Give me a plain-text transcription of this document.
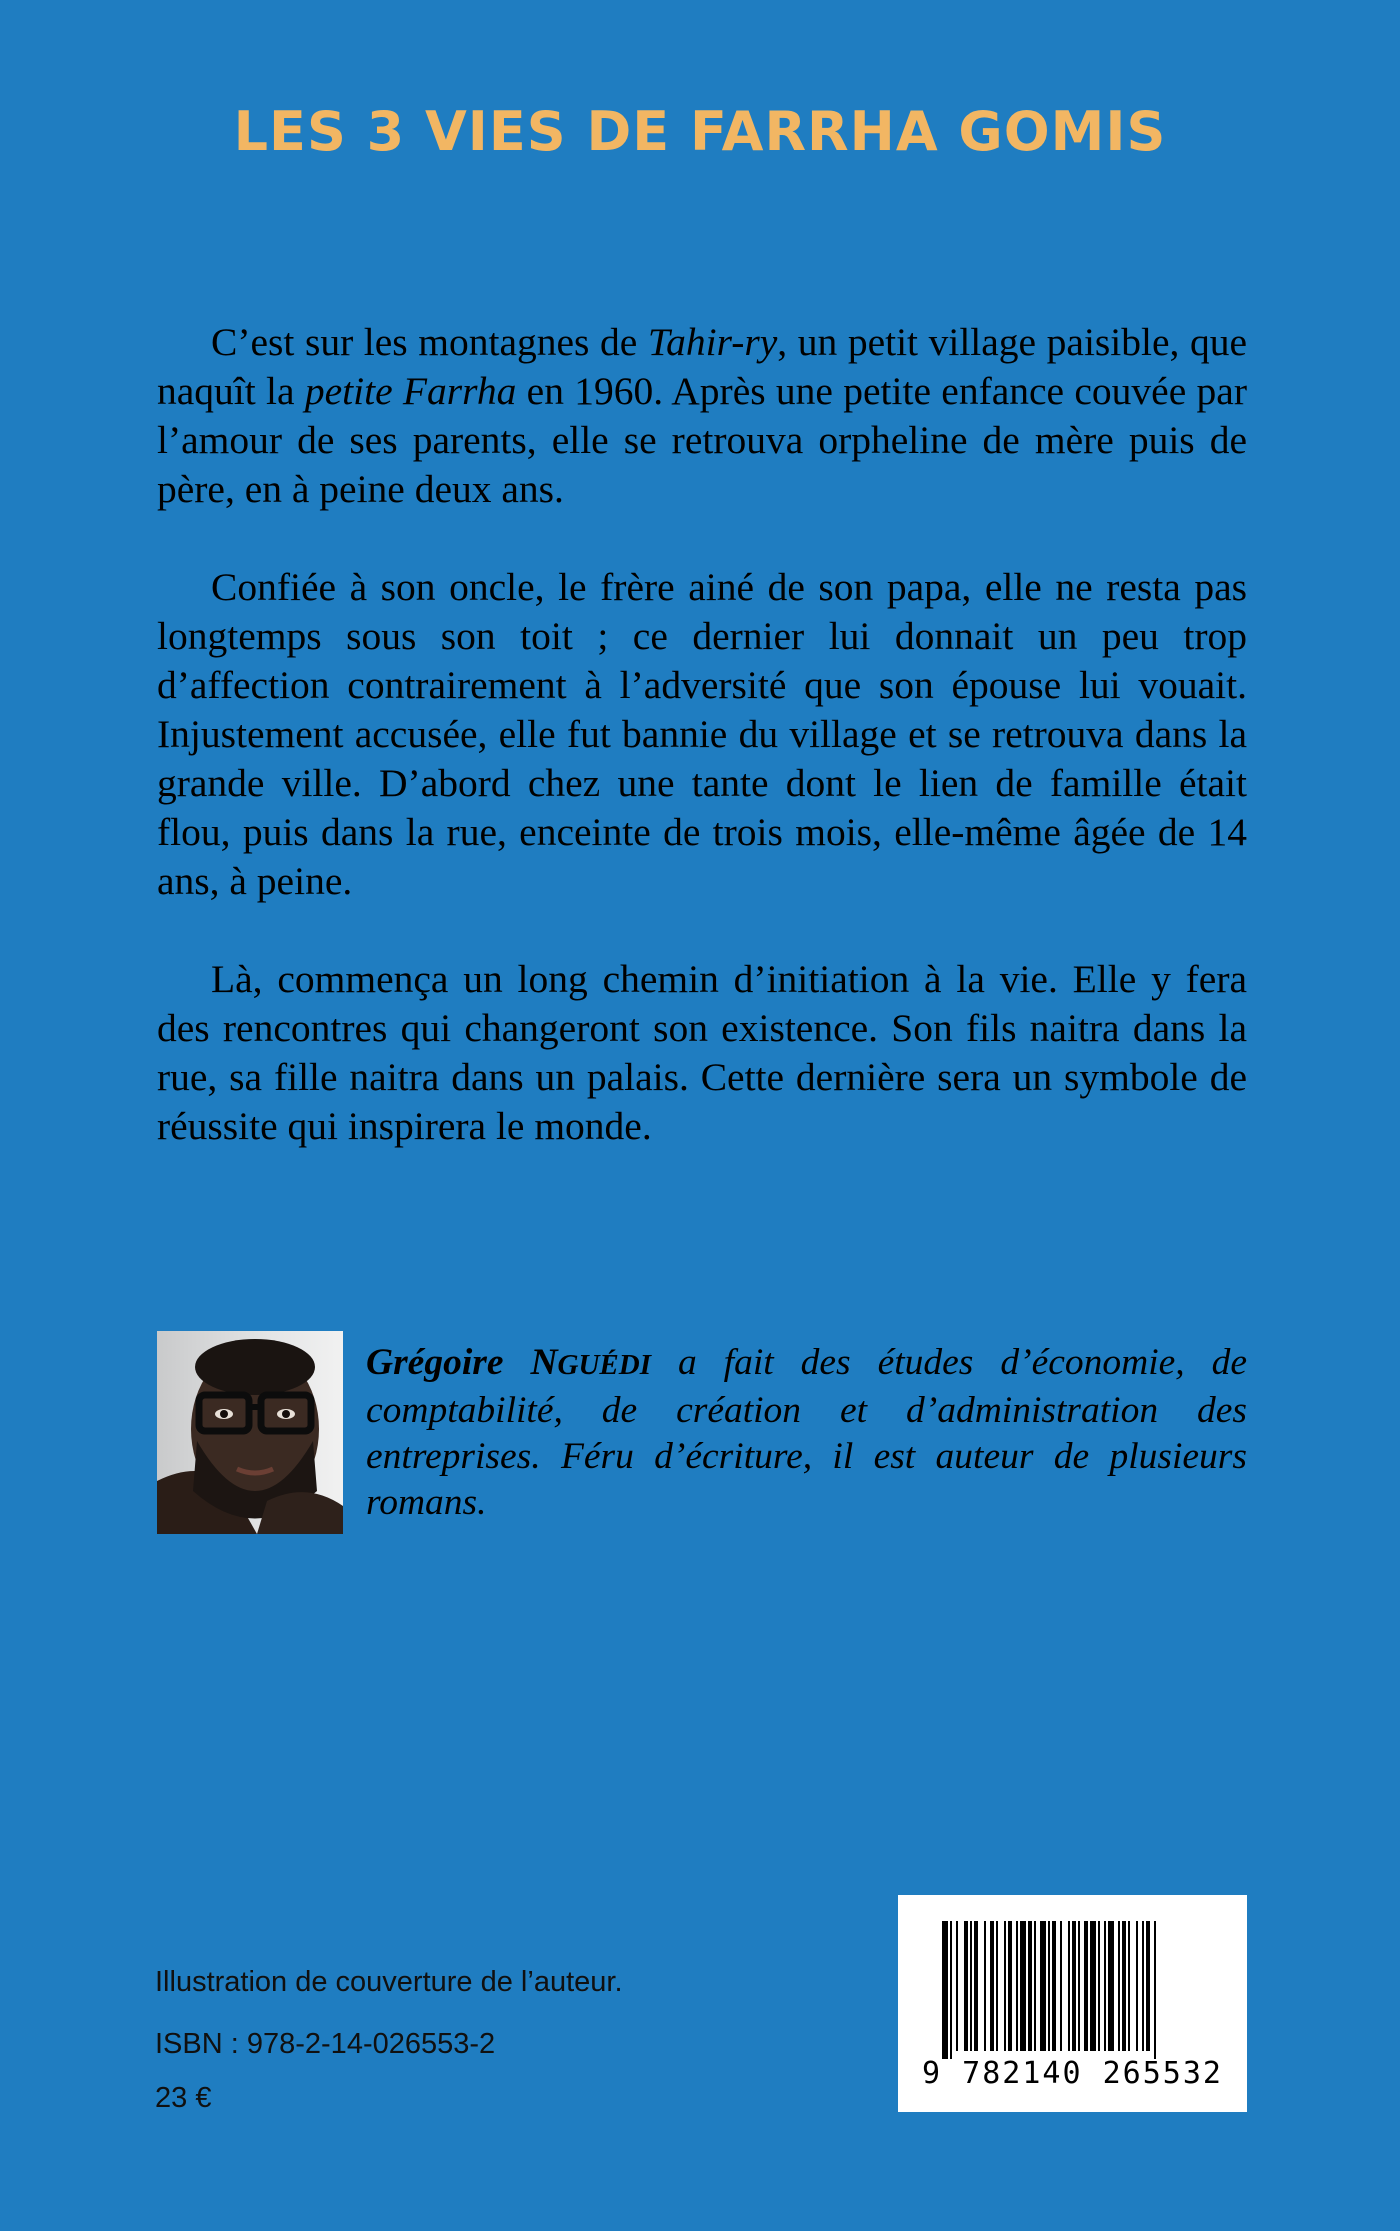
LES 3 VIES DE FARRHA GOMIS

C’est sur les montagnes de Tahir-ry, un petit village paisible, que naquît la petite Farrha en 1960. Après une petite enfance couvée par l’amour de ses parents, elle se retrouva orpheline de mère puis de père, en à peine deux ans.

Confiée à son oncle, le frère ainé de son papa, elle ne resta pas longtemps sous son toit ; ce dernier lui donnait un peu trop d’affection contrairement à l’adversité que son épouse lui vouait. Injustement accusée, elle fut bannie du village et se retrouva dans la grande ville. D’abord chez une tante dont le lien de famille était flou, puis dans la rue, enceinte de trois mois, elle-même âgée de 14 ans, à peine.

Là, commença un long chemin d’initiation à la vie. Elle y fera des rencontres qui changeront son existence. Son fils naitra dans la rue, sa fille naitra dans un palais. Cette dernière sera un symbole de réussite qui inspirera le monde.

Grégoire NGUÉDI a fait des études d’économie, de comptabilité, de création et d’administration des entreprises. Féru d’écriture, il est auteur de plusieurs romans.

Illustration de couverture de l’auteur.
ISBN : 978-2-14-026553-2
23 €
9 782140 265532
